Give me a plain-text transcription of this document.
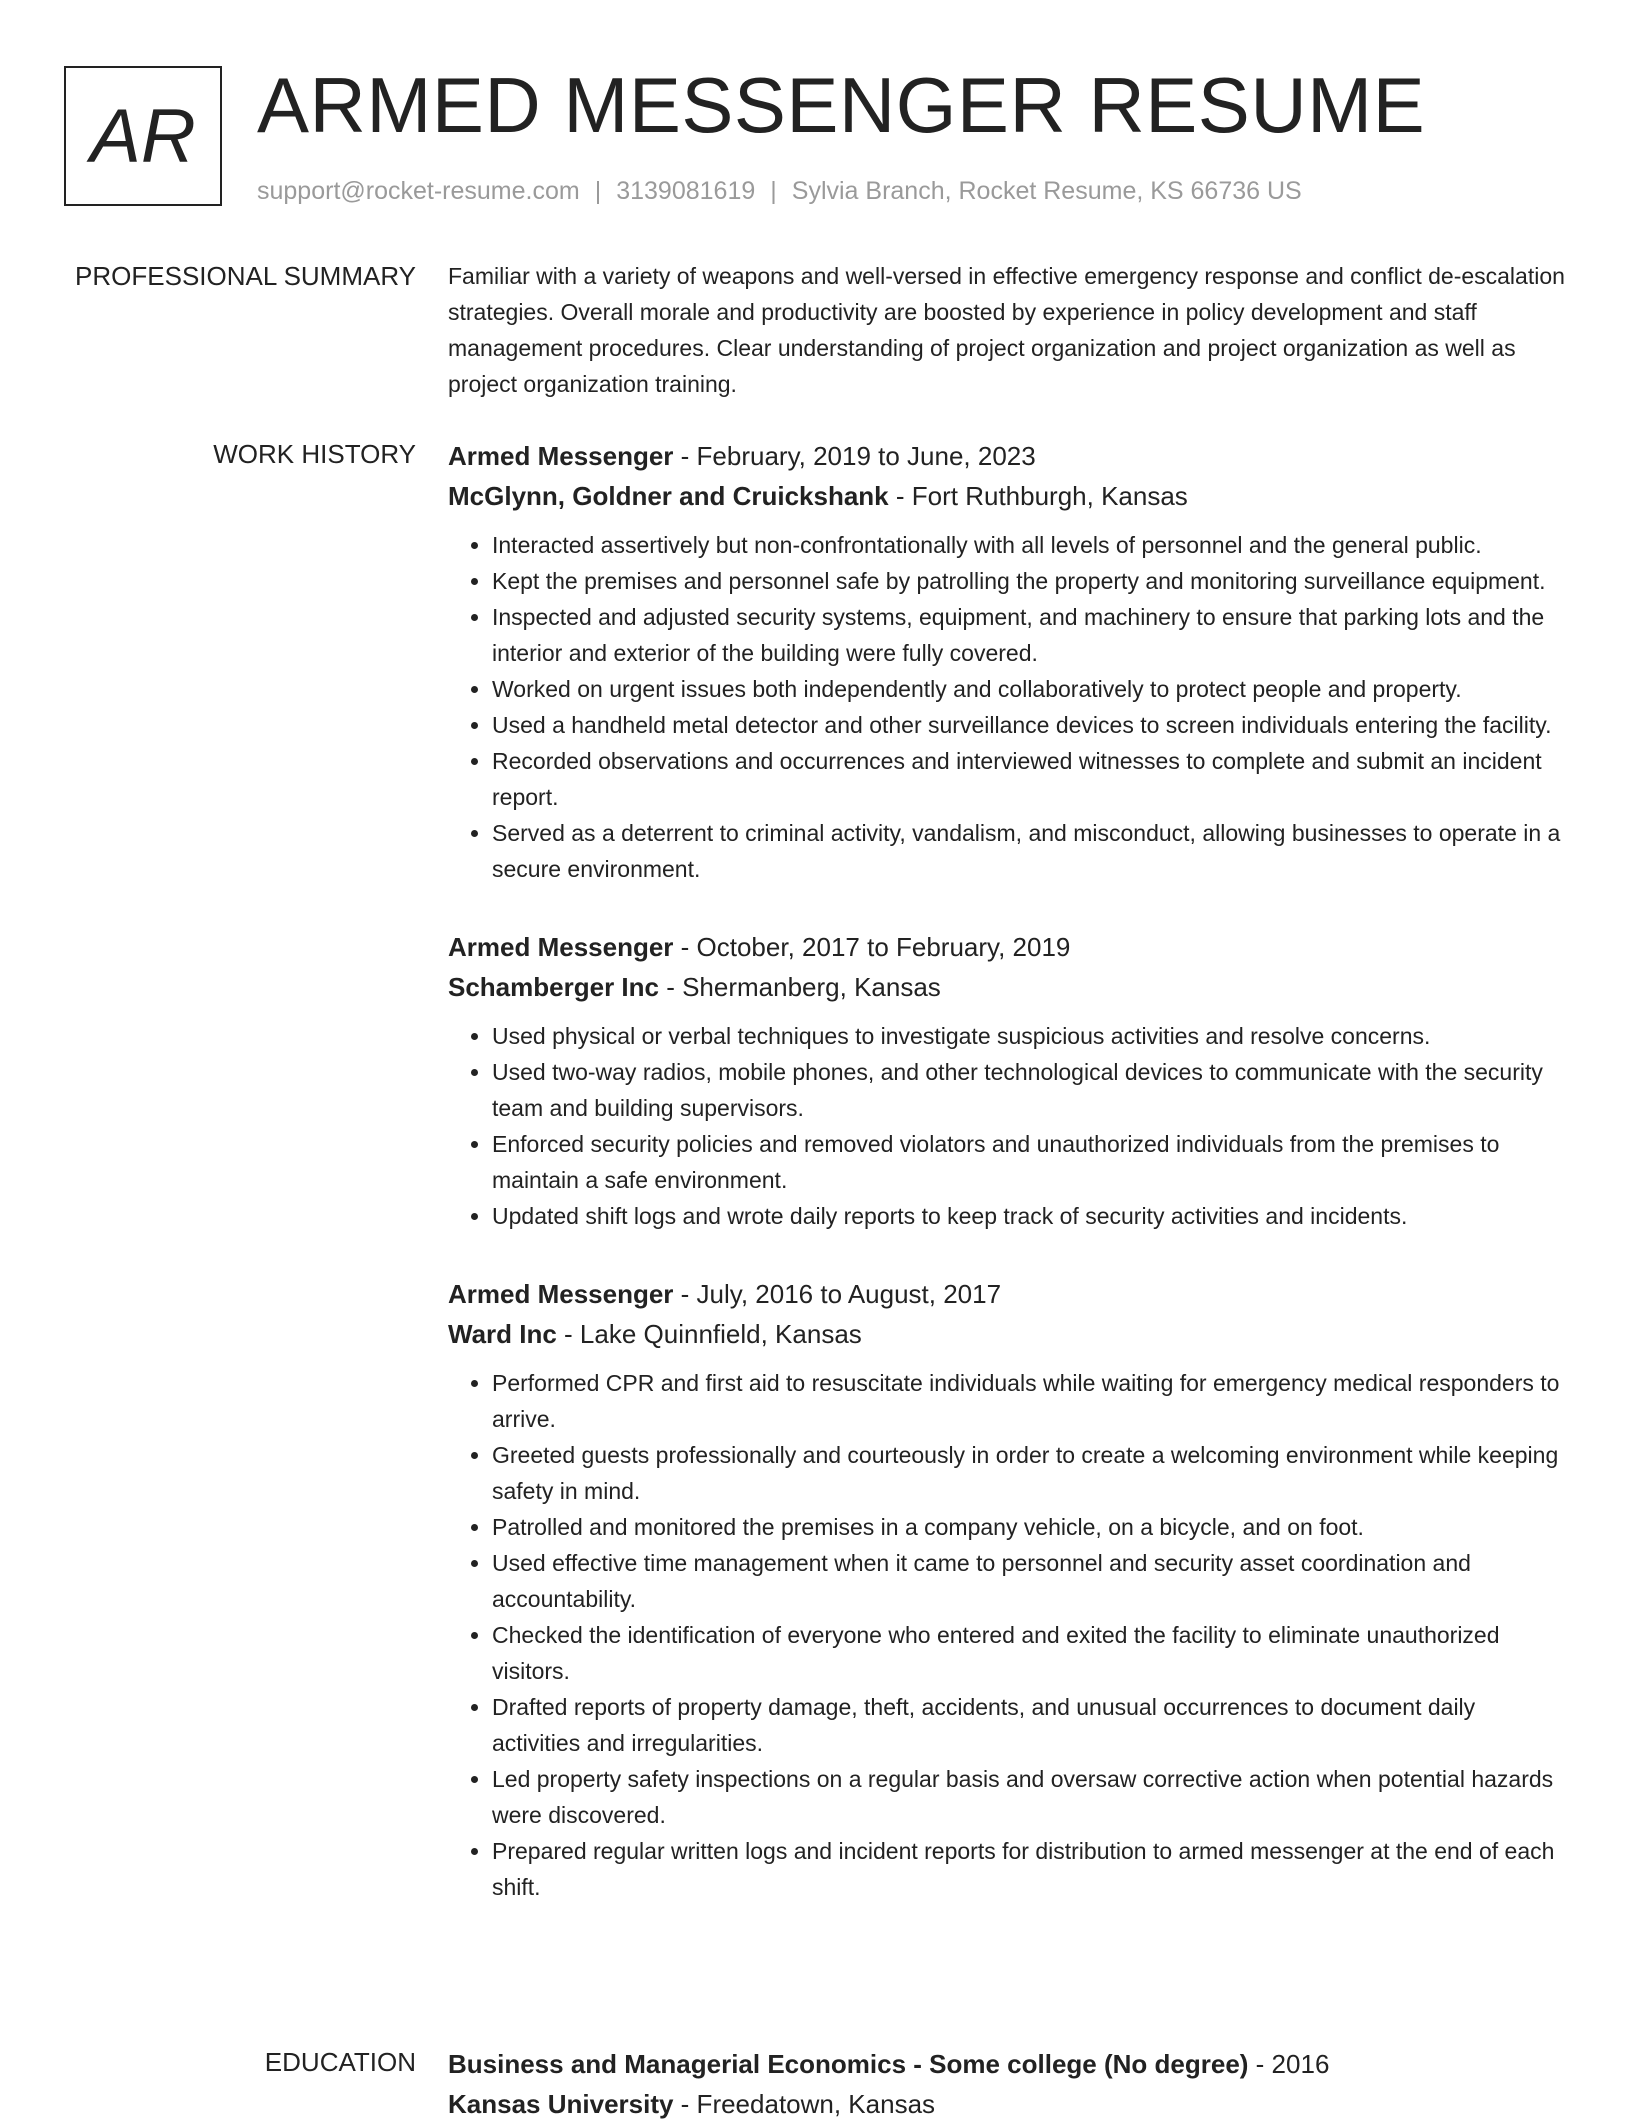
AR ARMED MESSENGER RESUME
support@rocket-resume.com | 3139081619 | Sylvia Branch, Rocket Resume, KS 66736 US
PROFESSIONAL SUMMARY Familiar with a variety of weapons and well-versed in effective emergency response and conflict de-escalation strategies. Overall morale and productivity are boosted by experience in policy development and staff management procedures. Clear understanding of project organization and project organization as well as project organization training.

WORK HISTORY Armed Messenger - February, 2019 to June, 2023
McGlynn, Goldner and Cruickshank - Fort Ruthburgh, Kansas
• Interacted assertively but non-confrontationally with all levels of personnel and the general public.
• Kept the premises and personnel safe by patrolling the property and monitoring surveillance equipment.
• Inspected and adjusted security systems, equipment, and machinery to ensure that parking lots and the interior and exterior of the building were fully covered.
• Worked on urgent issues both independently and collaboratively to protect people and property.
• Used a handheld metal detector and other surveillance devices to screen individuals entering the facility.
• Recorded observations and occurrences and interviewed witnesses to complete and submit an incident report.
• Served as a deterrent to criminal activity, vandalism, and misconduct, allowing businesses to operate in a secure environment.
Armed Messenger - October, 2017 to February, 2019
Schamberger Inc - Shermanberg, Kansas
• Used physical or verbal techniques to investigate suspicious activities and resolve concerns.
• Used two-way radios, mobile phones, and other technological devices to communicate with the security team and building supervisors.
• Enforced security policies and removed violators and unauthorized individuals from the premises to maintain a safe environment.
• Updated shift logs and wrote daily reports to keep track of security activities and incidents.
Armed Messenger - July, 2016 to August, 2017
Ward Inc - Lake Quinnfield, Kansas
• Performed CPR and first aid to resuscitate individuals while waiting for emergency medical responders to arrive.
• Greeted guests professionally and courteously in order to create a welcoming environment while keeping safety in mind.
• Patrolled and monitored the premises in a company vehicle, on a bicycle, and on foot.
• Used effective time management when it came to personnel and security asset coordination and accountability.
• Checked the identification of everyone who entered and exited the facility to eliminate unauthorized visitors.
• Drafted reports of property damage, theft, accidents, and unusual occurrences to document daily activities and irregularities.
• Led property safety inspections on a regular basis and oversaw corrective action when potential hazards were discovered.
• Prepared regular written logs and incident reports for distribution to armed messenger at the end of each shift.
EDUCATION Business and Managerial Economics - Some college (No degree) - 2016
Kansas University - Freedatown, Kansas
